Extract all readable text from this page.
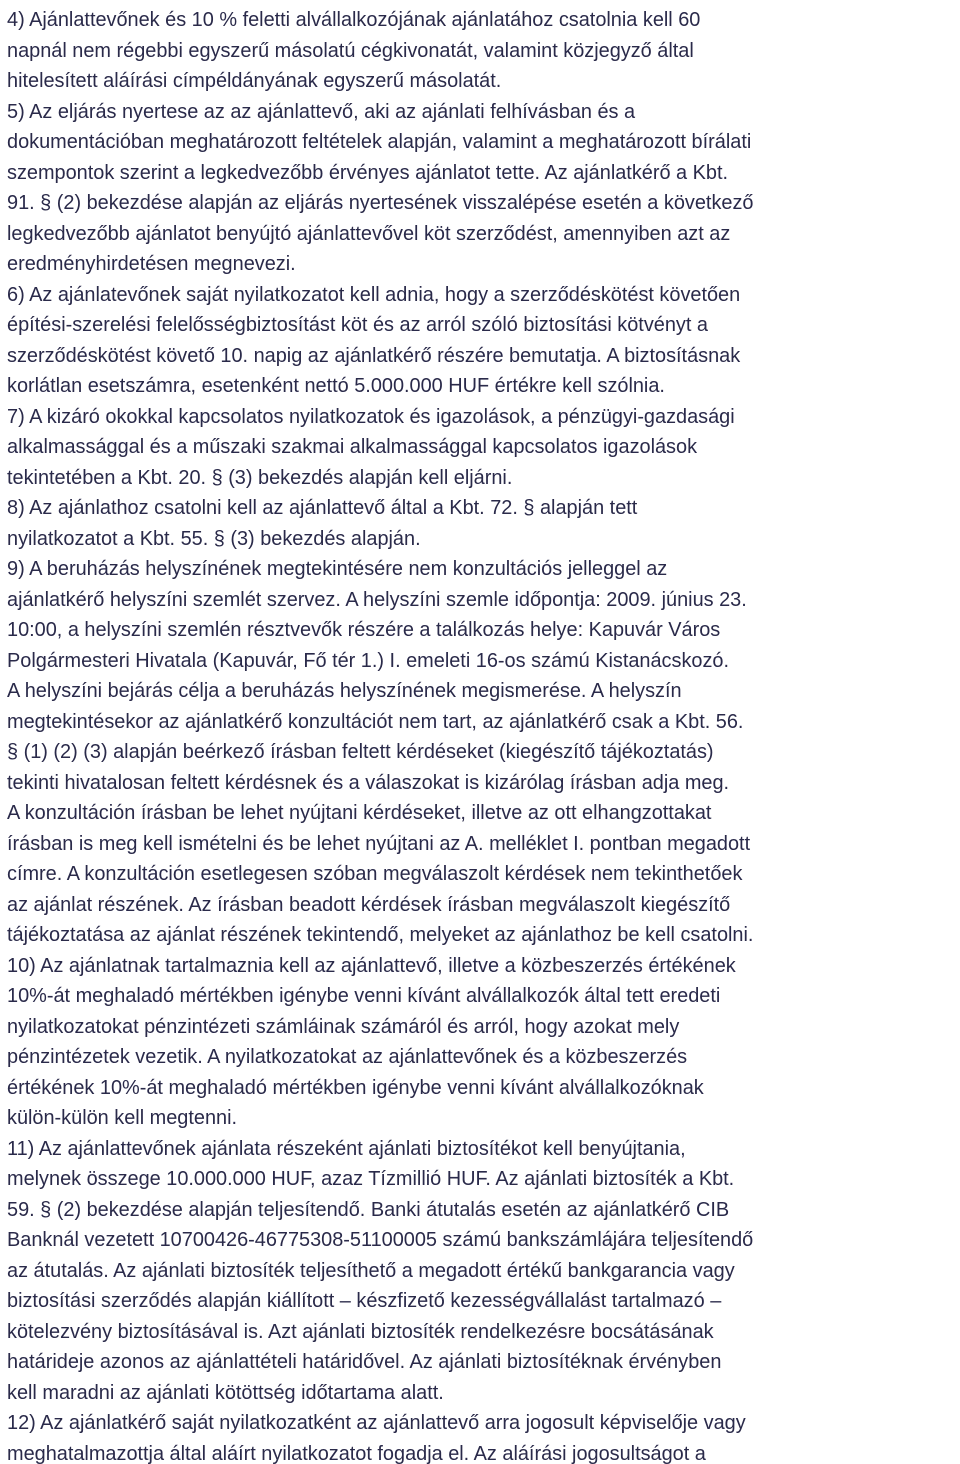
4) Ajánlattevőnek és 10 % feletti alvállalkozójának ajánlatához csatolnia kell 60
napnál nem régebbi egyszerű másolatú cégkivonatát, valamint közjegyző által
hitelesített aláírási címpéldányának egyszerű másolatát.
5) Az eljárás nyertese az az ajánlattevő, aki az ajánlati felhívásban és a
dokumentációban meghatározott feltételek alapján, valamint a meghatározott bírálati
szempontok szerint a legkedvezőbb érvényes ajánlatot tette. Az ajánlatkérő a Kbt.
91. § (2) bekezdése alapján az eljárás nyertesének visszalépése esetén a következő
legkedvezőbb ajánlatot benyújtó ajánlattevővel köt szerződést, amennyiben azt az
eredményhirdetésen megnevezi.
6) Az ajánlatevőnek saját nyilatkozatot kell adnia, hogy a szerződéskötést követően
építési-szerelési felelősségbiztosítást köt és az arról szóló biztosítási kötvényt a
szerződéskötést követő 10. napig az ajánlatkérő részére bemutatja. A biztosításnak
korlátlan esetszámra, esetenként nettó 5.000.000 HUF értékre kell szólnia.
7) A kizáró okokkal kapcsolatos nyilatkozatok és igazolások, a pénzügyi-gazdasági
alkalmassággal és a műszaki szakmai alkalmassággal kapcsolatos igazolások
tekintetében a Kbt. 20. § (3) bekezdés alapján kell eljárni.
8) Az ajánlathoz csatolni kell az ajánlattevő által a Kbt. 72. § alapján tett
nyilatkozatot a Kbt. 55. § (3) bekezdés alapján.
9) A beruházás helyszínének megtekintésére nem konzultációs jelleggel az
ajánlatkérő helyszíni szemlét szervez. A helyszíni szemle időpontja: 2009. június 23.
10:00, a helyszíni szemlén résztvevők részére a találkozás helye: Kapuvár Város
Polgármesteri Hivatala (Kapuvár, Fő tér 1.) I. emeleti 16-os számú Kistanácskozó.
A helyszíni bejárás célja a beruházás helyszínének megismerése. A helyszín
megtekintésekor az ajánlatkérő konzultációt nem tart, az ajánlatkérő csak a Kbt. 56.
§ (1) (2) (3) alapján beérkező írásban feltett kérdéseket (kiegészítő tájékoztatás)
tekinti hivatalosan feltett kérdésnek és a válaszokat is kizárólag írásban adja meg.
A konzultáción írásban be lehet nyújtani kérdéseket, illetve az ott elhangzottakat
írásban is meg kell ismételni és be lehet nyújtani az A. melléklet I. pontban megadott
címre. A konzultáción esetlegesen szóban megválaszolt kérdések nem tekinthetőek
az ajánlat részének. Az írásban beadott kérdések írásban megválaszolt kiegészítő
tájékoztatása az ajánlat részének tekintendő, melyeket az ajánlathoz be kell csatolni.
10) Az ajánlatnak tartalmaznia kell az ajánlattevő, illetve a közbeszerzés értékének
10%-át meghaladó mértékben igénybe venni kívánt alvállalkozók által tett eredeti
nyilatkozatokat pénzintézeti számláinak számáról és arról, hogy azokat mely
pénzintézetek vezetik. A nyilatkozatokat az ajánlattevőnek és a közbeszerzés
értékének 10%-át meghaladó mértékben igénybe venni kívánt alvállalkozóknak
külön-külön kell megtenni.
11) Az ajánlattevőnek ajánlata részeként ajánlati biztosítékot kell benyújtania,
melynek összege 10.000.000 HUF, azaz Tízmillió HUF. Az ajánlati biztosíték a Kbt.
59. § (2) bekezdése alapján teljesítendő. Banki átutalás esetén az ajánlatkérő CIB
Banknál vezetett 10700426-46775308-51100005 számú bankszámlájára teljesítendő
az átutalás. Az ajánlati biztosíték teljesíthető a megadott értékű bankgarancia vagy
biztosítási szerződés alapján kiállított – készfizető kezességvállalást tartalmazó –
kötelezvény biztosításával is. Azt ajánlati biztosíték rendelkezésre bocsátásának
határideje azonos az ajánlattételi határidővel. Az ajánlati biztosítéknak érvényben
kell maradni az ajánlati kötöttség időtartama alatt.
12) Az ajánlatkérő saját nyilatkozatként az ajánlattevő arra jogosult képviselője vagy
meghatalmazottja által aláírt nyilatkozatot fogadja el. Az aláírási jogosultságot a
